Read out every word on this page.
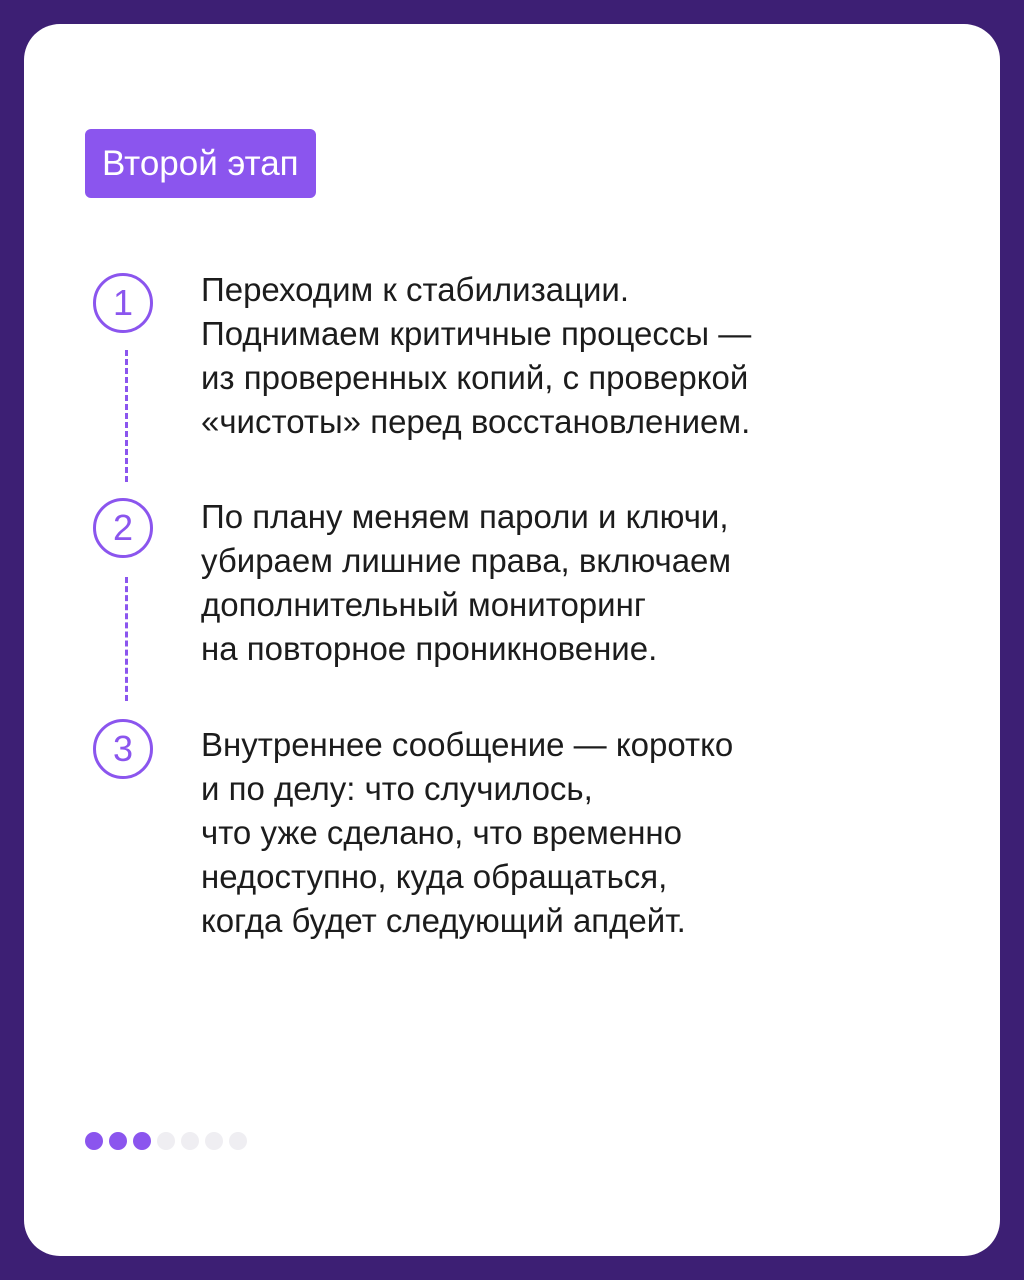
Второй этап
1	Переходим к стабилизации.
Поднимаем критичные процессы —
из проверенных копий, с проверкой
«чистоты» перед восстановлением.
2	По плану меняем пароли и ключи,
убираем лишние права, включаем
дополнительный мониторинг
на повторное проникновение.
3	Внутреннее сообщение — коротко
и по делу: что случилось,
что уже сделано, что временно
недоступно, куда обращаться,
когда будет следующий апдейт.
